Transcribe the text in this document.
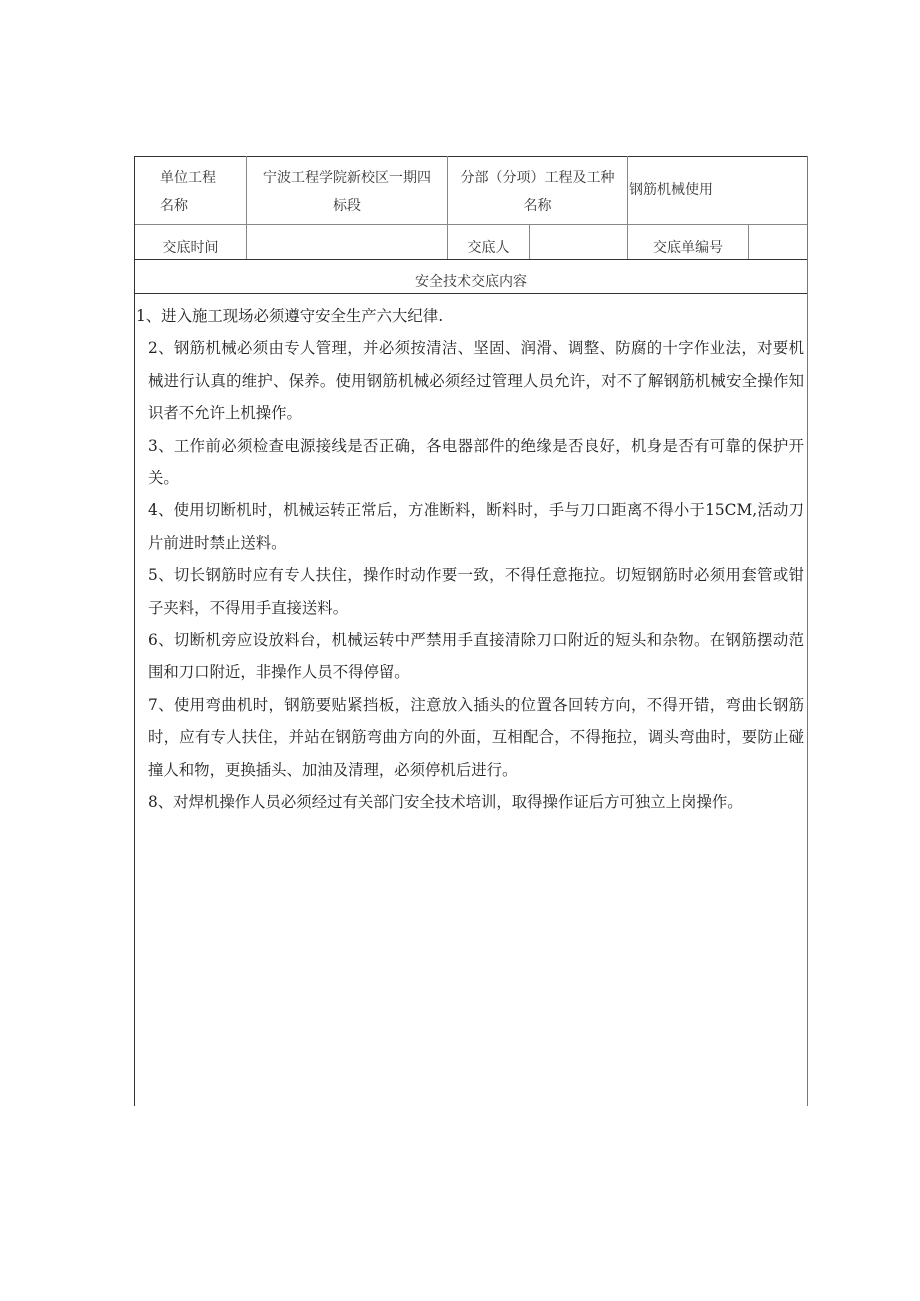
单位工程
名称
宁波工程学院新校区一期四
标段
分部（分项）工程及工种
名称
钢筋机械使用
交底时间	交底人	交底单编号
安全技术交底内容

1、进入施工现场必须遵守安全生产六大纪律.

2、钢筋机械必须由专人管理，并必须按清洁、坚固、润滑、调整、防腐的十字作业法，对要机械进行认真的维护、保养。使用钢筋机械必须经过管理人员允许，对不了解钢筋机械安全操作知识者不允许上机操作。

3、工作前必须检查电源接线是否正确，各电器部件的绝缘是否良好，机身是否有可靠的保护开关。

4、使用切断机时，机械运转正常后，方准断料，断料时，手与刀口距离不得小于15CM,活动刀片前进时禁止送料。

5、切长钢筋时应有专人扶住，操作时动作要一致，不得任意拖拉。切短钢筋时必须用套管或钳子夹料，不得用手直接送料。

6、切断机旁应设放料台，机械运转中严禁用手直接清除刀口附近的短头和杂物。在钢筋摆动范围和刀口附近，非操作人员不得停留。

7、使用弯曲机时，钢筋要贴紧挡板，注意放入插头的位置各回转方向，不得开错，弯曲长钢筋时，应有专人扶住，并站在钢筋弯曲方向的外面，互相配合，不得拖拉，调头弯曲时，要防止碰撞人和物，更换插头、加油及清理，必须停机后进行。

8、对焊机操作人员必须经过有关部门安全技术培训，取得操作证后方可独立上岗操作。
